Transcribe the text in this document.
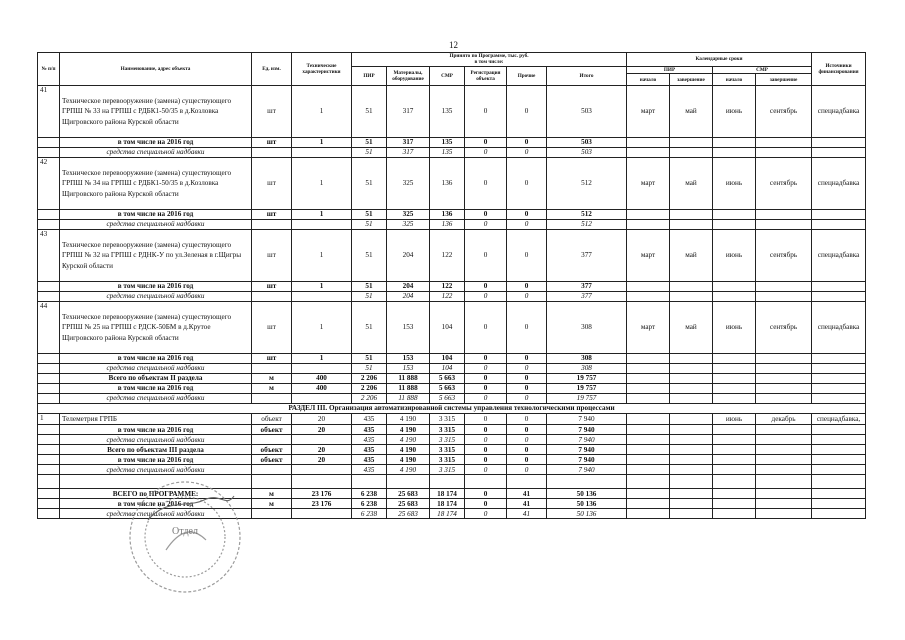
12
№ п/п	Наименование, адрес объекта	Ед. изм.	Технические характеристики	Принято по Программе, тыс. руб.
в том числе:						Календарные сроки				Источники финансирования
				ПИР	Материалы, оборудование	СМР	Регистрация объекта	Прочие	Итого	ПИР		СМР		
										начало	завершение	начало	завершение	
41	Техническое перевооружение (замена) существующего ГРПШ № 33 на ГРПШ с РДБК1-50/35 в д.Козловка Щигровского района Курской области	шт	1	51	317	135	0	0	503	март	май	июнь	сентябрь	спецнадбавка
	в том числе на 2016 год	шт	1	51	317	135	0	0	503					
	средства специальной надбавки			51	317	135	0	0	503					
42	Техническое перевооружение (замена) существующего ГРПШ № 34 на ГРПШ с РДБК1-50/35 в д.Козловка Щигровского района Курской области	шт	1	51	325	136	0	0	512	март	май	июнь	сентябрь	спецнадбавка
	в том числе на 2016 год	шт	1	51	325	136	0	0	512					
	средства специальной надбавки			51	325	136	0	0	512					
43	Техническое перевооружение (замена) существующего ГРПШ № 32 на ГРПШ с РДНК-У по ул.Зеленая в г.Щигры Курской области	шт	1	51	204	122	0	0	377	март	май	июнь	сентябрь	спецнадбавка
	в том числе на 2016 год	шт	1	51	204	122	0	0	377					
	средства специальной надбавки			51	204	122	0	0	377					
44	Техническое перевооружение (замена) существующего ГРПШ № 25 на ГРПШ с РДСК-50БМ в д.Крутое Щигровского района Курской области	шт	1	51	153	104	0	0	308	март	май	июнь	сентябрь	спецнадбавка
	в том числе на 2016 год	шт	1	51	153	104	0	0	308					
	средства специальной надбавки			51	153	104	0	0	308					
	Всего по объектам II раздела	м	400	2 206	11 888	5 663	0	0	19 757					
	в том числе на 2016 год	м	400	2 206	11 888	5 663	0	0	19 757					
	средства специальной надбавки			2 206	11 888	5 663	0	0	19 757					
РАЗДЕЛ III. Организация автоматизированной системы управления технологическими процессами														
1	Телеметрия ГРПБ	объект	20	435	4 190	3 315	0	0	7 940			июнь	декабрь	спецнадбавка,
	в том числе на 2016 год	объект	20	435	4 190	3 315	0	0	7 940					
	средства специальной надбавки			435	4 190	3 315	0	0	7 940					
	Всего по объектам III раздела	объект	20	435	4 190	3 315	0	0	7 940					
	в том числе на 2016 год	объект	20	435	4 190	3 315	0	0	7 940					
	средства специальной надбавки			435	4 190	3 315	0	0	7 940					

	ВСЕГО по ПРОГРАММЕ:	м	23 176	6 238	25 683	18 174	0	41	50 136					
	в том числе на 2016 год	м	23 176	6 238	25 683	18 174	0	41	50 136					
	средства специальной надбавки			6 238	25 683	18 174	0	41	50 136					
Отдел
